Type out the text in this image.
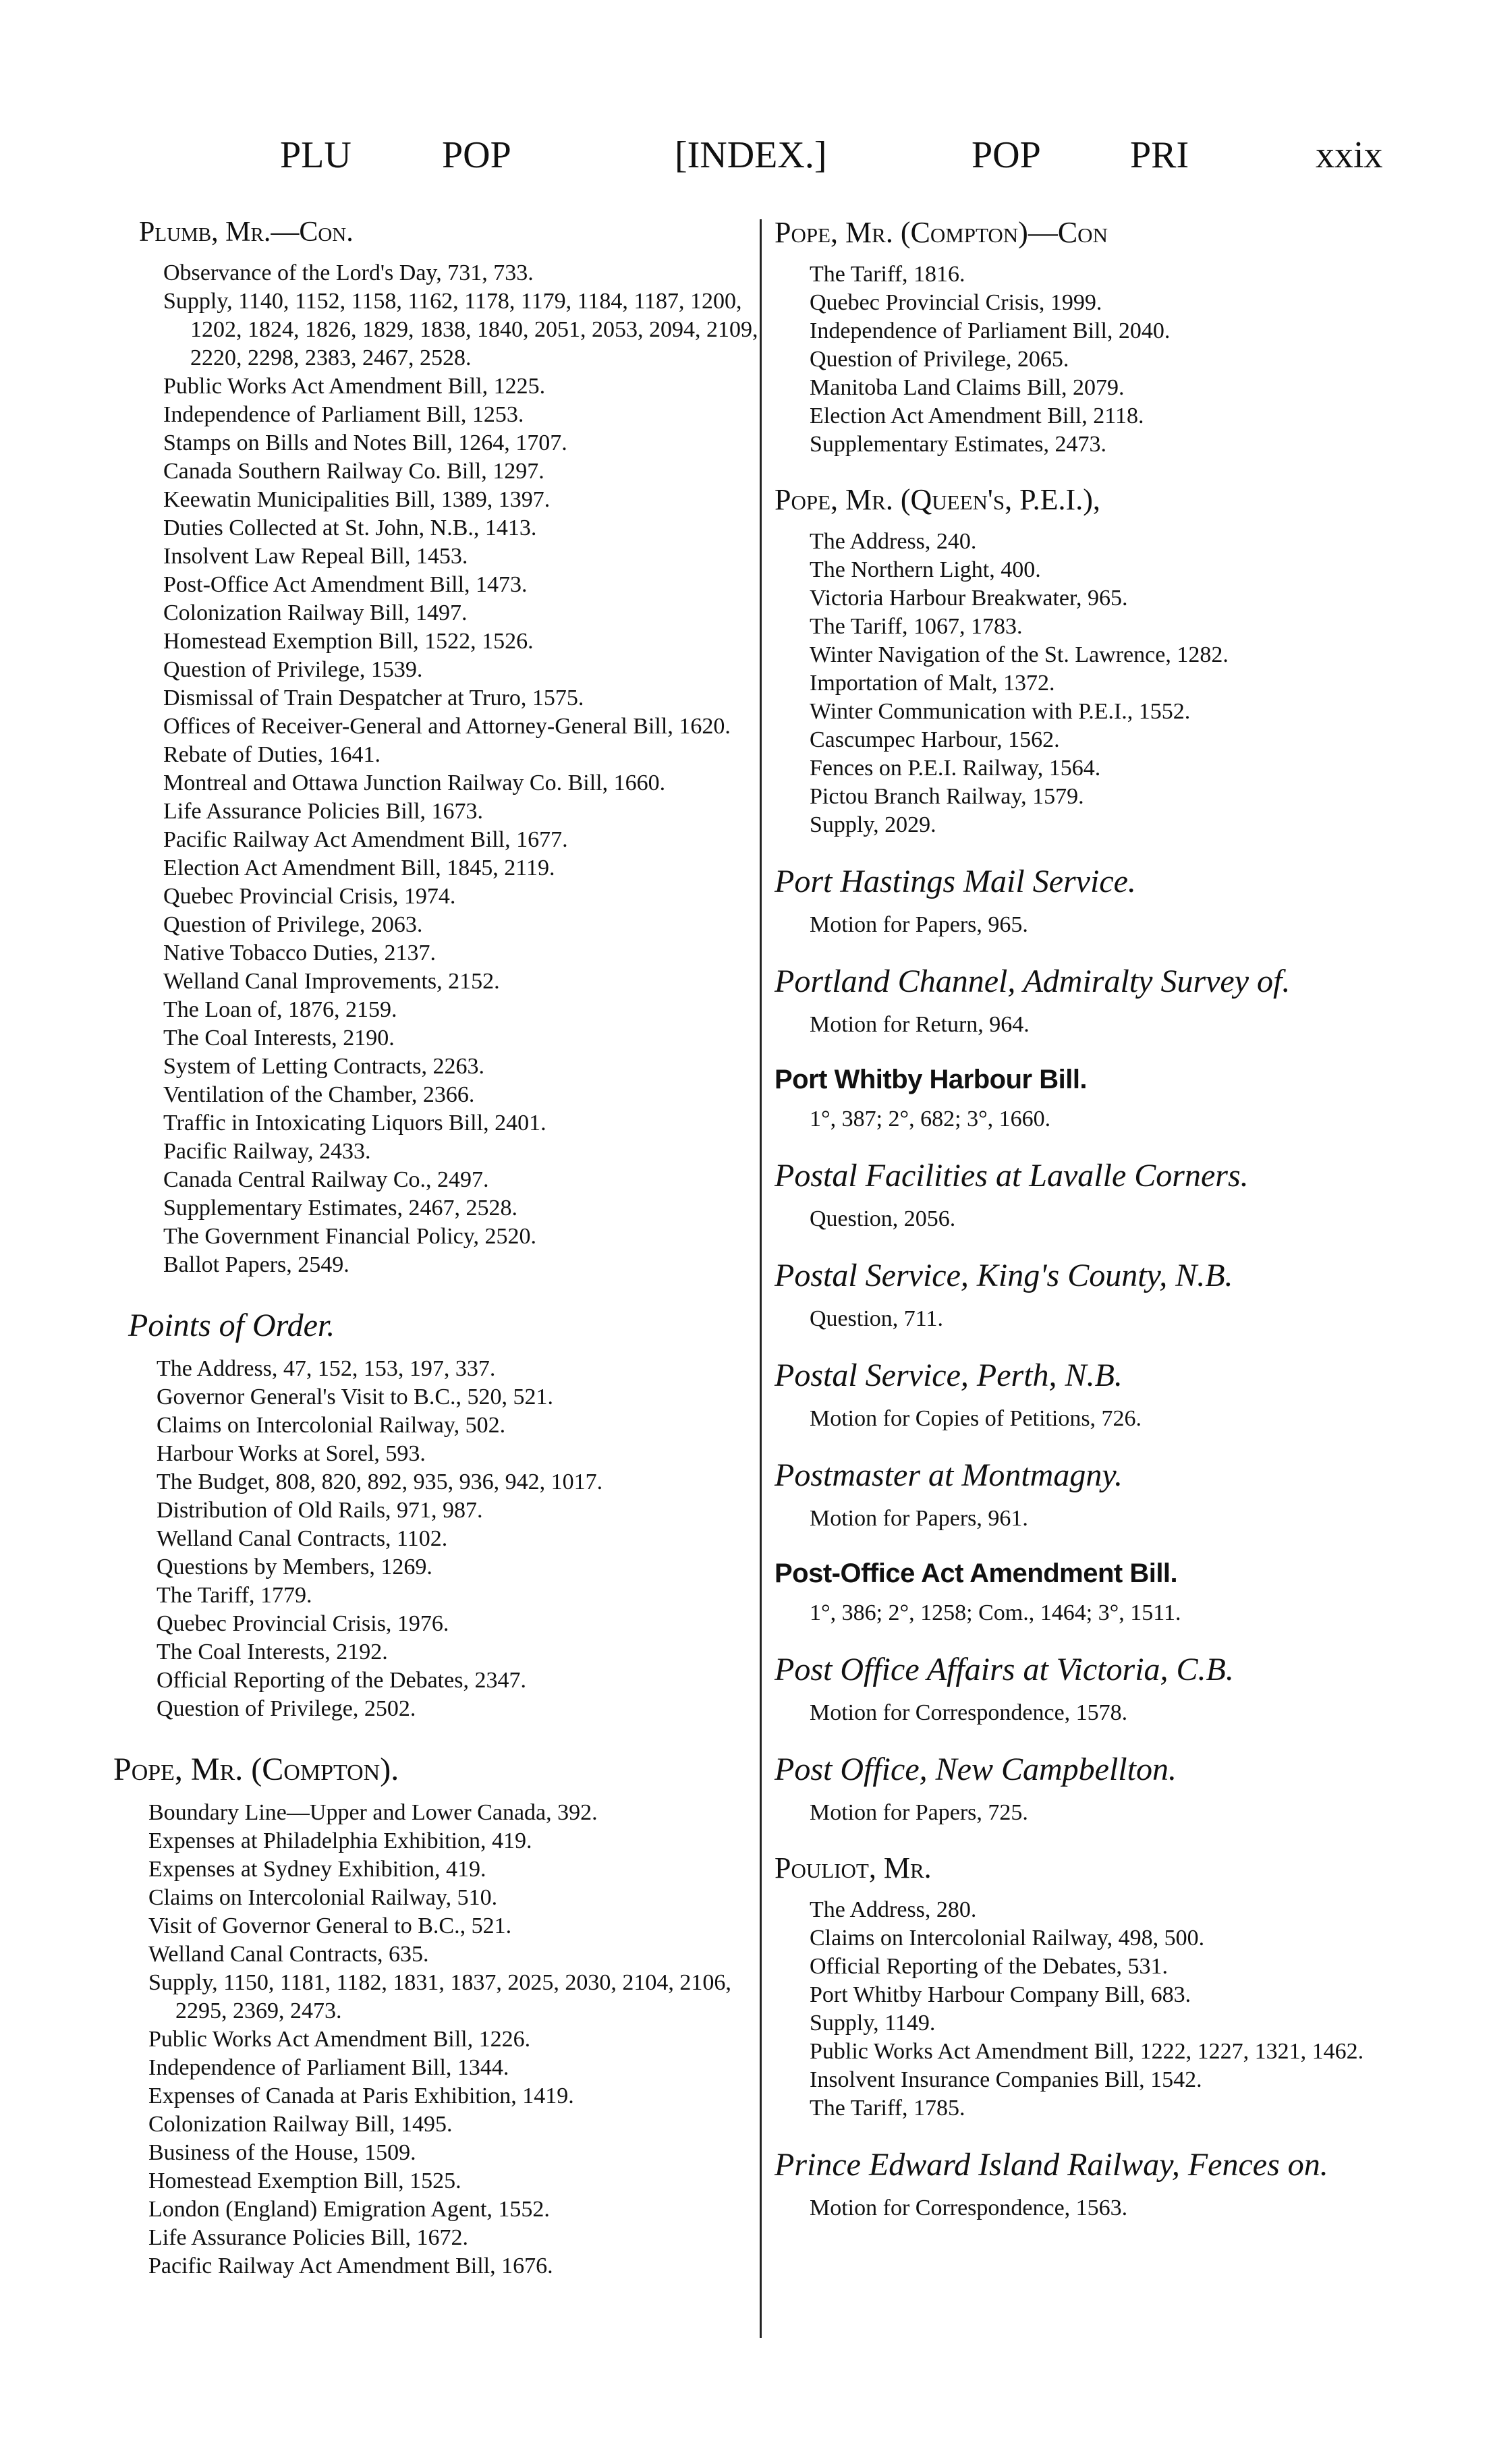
PLU POP	[INDEX.]	POP PRI	xxix
Plumb, Mr.—Con.
Observance of the Lord's Day, 731, 733.
Supply, 1140, 1152, 1158, 1162, 1178, 1179, 1184, 1187, 1200, 1202, 1824, 1826, 1829, 1838, 1840, 2051, 2053, 2094, 2109, 2220, 2298, 2383, 2467, 2528.
Public Works Act Amendment Bill, 1225.
Independence of Parliament Bill, 1253.
Stamps on Bills and Notes Bill, 1264, 1707.
Canada Southern Railway Co. Bill, 1297.
Keewatin Municipalities Bill, 1389, 1397.
Duties Collected at St. John, N.B., 1413.
Insolvent Law Repeal Bill, 1453.
Post-Office Act Amendment Bill, 1473.
Colonization Railway Bill, 1497.
Homestead Exemption Bill, 1522, 1526.
Question of Privilege, 1539.
Dismissal of Train Despatcher at Truro, 1575.
Offices of Receiver-General and Attorney-General Bill, 1620.
Rebate of Duties, 1641.
Montreal and Ottawa Junction Railway Co. Bill, 1660.
Life Assurance Policies Bill, 1673.
Pacific Railway Act Amendment Bill, 1677.
Election Act Amendment Bill, 1845, 2119.
Quebec Provincial Crisis, 1974.
Question of Privilege, 2063.
Native Tobacco Duties, 2137.
Welland Canal Improvements, 2152.
The Loan of, 1876, 2159.
The Coal Interests, 2190.
System of Letting Contracts, 2263.
Ventilation of the Chamber, 2366.
Traffic in Intoxicating Liquors Bill, 2401.
Pacific Railway, 2433.
Canada Central Railway Co., 2497.
Supplementary Estimates, 2467, 2528.
The Government Financial Policy, 2520.
Ballot Papers, 2549.
Points of Order.
The Address, 47, 152, 153, 197, 337.
Governor General's Visit to B.C., 520, 521.
Claims on Intercolonial Railway, 502.
Harbour Works at Sorel, 593.
The Budget, 808, 820, 892, 935, 936, 942, 1017.
Distribution of Old Rails, 971, 987.
Welland Canal Contracts, 1102.
Questions by Members, 1269.
The Tariff, 1779.
Quebec Provincial Crisis, 1976.
The Coal Interests, 2192.
Official Reporting of the Debates, 2347.
Question of Privilege, 2502.
Pope, Mr. (Compton).
Boundary Line—Upper and Lower Canada, 392.
Expenses at Philadelphia Exhibition, 419.
Expenses at Sydney Exhibition, 419.
Claims on Intercolonial Railway, 510.
Visit of Governor General to B.C., 521.
Welland Canal Contracts, 635.
Supply, 1150, 1181, 1182, 1831, 1837, 2025, 2030, 2104, 2106, 2295, 2369, 2473.
Public Works Act Amendment Bill, 1226.
Independence of Parliament Bill, 1344.
Expenses of Canada at Paris Exhibition, 1419.
Colonization Railway Bill, 1495.
Business of the House, 1509.
Homestead Exemption Bill, 1525.
London (England) Emigration Agent, 1552.
Life Assurance Policies Bill, 1672.
Pacific Railway Act Amendment Bill, 1676.
Pope, Mr. (Compton)—Con
The Tariff, 1816.
Quebec Provincial Crisis, 1999.
Independence of Parliament Bill, 2040.
Question of Privilege, 2065.
Manitoba Land Claims Bill, 2079.
Election Act Amendment Bill, 2118.
Supplementary Estimates, 2473.
Pope, Mr. (Queen's, P.E.I.),
The Address, 240.
The Northern Light, 400.
Victoria Harbour Breakwater, 965.
The Tariff, 1067, 1783.
Winter Navigation of the St. Lawrence, 1282.
Importation of Malt, 1372.
Winter Communication with P.E.I., 1552.
Cascumpec Harbour, 1562.
Fences on P.E.I. Railway, 1564.
Pictou Branch Railway, 1579.
Supply, 2029.
Port Hastings Mail Service.
Motion for Papers, 965.
Portland Channel, Admiralty Survey of.
Motion for Return, 964.
Port Whitby Harbour Bill.
1°, 387; 2°, 682; 3°, 1660.
Postal Facilities at Lavalle Corners.
Question, 2056.
Postal Service, King's County, N.B.
Question, 711.
Postal Service, Perth, N.B.
Motion for Copies of Petitions, 726.
Postmaster at Montmagny.
Motion for Papers, 961.
Post-Office Act Amendment Bill.
1°, 386; 2°, 1258; Com., 1464; 3°, 1511.
Post Office Affairs at Victoria, C.B.
Motion for Correspondence, 1578.
Post Office, New Campbellton.
Motion for Papers, 725.
Pouliot, Mr.
The Address, 280.
Claims on Intercolonial Railway, 498, 500.
Official Reporting of the Debates, 531.
Port Whitby Harbour Company Bill, 683.
Supply, 1149.
Public Works Act Amendment Bill, 1222, 1227, 1321, 1462.
Insolvent Insurance Companies Bill, 1542.
The Tariff, 1785.
Prince Edward Island Railway, Fences on.
Motion for Correspondence, 1563.
